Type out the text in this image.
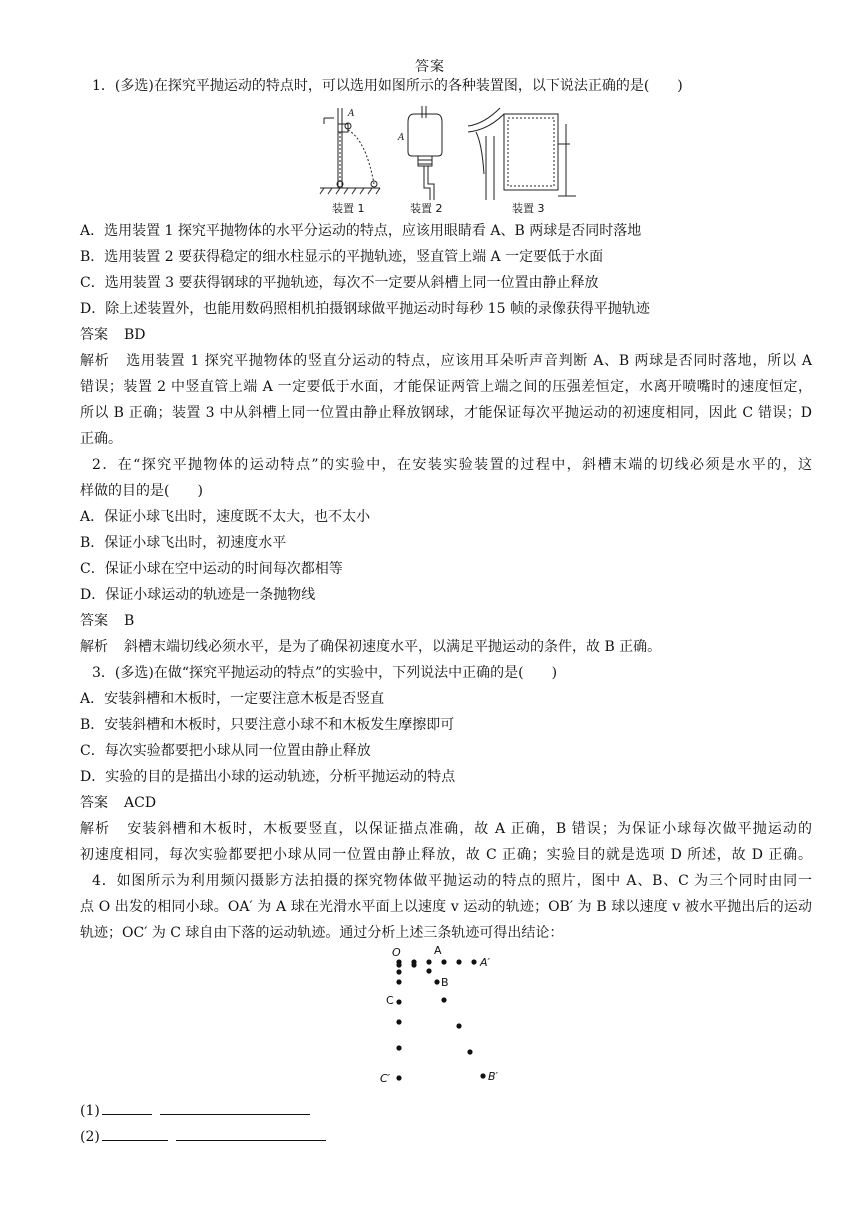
答案
1．(多选)在探究平抛运动的特点时，可以选用如图所示的各种装置图，以下说法正确的是(　　)
A
A
装置 1	装置 2	装置 3
A．选用装置 1 探究平抛物体的水平分运动的特点，应该用眼睛看 A、B 两球是否同时落地
B．选用装置 2 要获得稳定的细水柱显示的平抛轨迹，竖直管上端 A 一定要低于水面
C．选用装置 3 要获得钢球的平抛轨迹，每次不一定要从斜槽上同一位置由静止释放
D．除上述装置外，也能用数码照相机拍摄钢球做平抛运动时每秒 15 帧的录像获得平抛轨迹
答案 BD
解析 选用装置 1 探究平抛物体的竖直分运动的特点，应该用耳朵听声音判断 A、B 两球是否同时落地，所以 A
错误；装置 2 中竖直管上端 A 一定要低于水面，才能保证两管上端之间的压强差恒定，水离开喷嘴时的速度恒定，
所以 B 正确；装置 3 中从斜槽上同一位置由静止释放钢球，才能保证每次平抛运动的初速度相同，因此 C 错误；D
正确。
2．在“探究平抛物体的运动特点”的实验中，在安装实验装置的过程中，斜槽末端的切线必须是水平的，这
样做的目的是(　　)
A．保证小球飞出时，速度既不太大，也不太小
B．保证小球飞出时，初速度水平
C．保证小球在空中运动的时间每次都相等
D．保证小球运动的轨迹是一条抛物线
答案 B
解析 斜槽末端切线必须水平，是为了确保初速度水平，以满足平抛运动的条件，故 B 正确。
3．(多选)在做“探究平抛运动的特点”的实验中，下列说法中正确的是(　　)
A．安装斜槽和木板时，一定要注意木板是否竖直
B．安装斜槽和木板时，只要注意小球不和木板发生摩擦即可
C．每次实验都要把小球从同一位置由静止释放
D．实验的目的是描出小球的运动轨迹，分析平抛运动的特点
答案 ACD
解析 安装斜槽和木板时，木板要竖直，以保证描点准确，故 A 正确，B 错误；为保证小球每次做平抛运动的
初速度相同，每次实验都要把小球从同一位置由静止释放，故 C 正确；实验目的就是选项 D 所述，故 D 正确。
4．如图所示为利用频闪摄影方法拍摄的探究物体做平抛运动的特点的照片，图中 A、B、C 为三个同时由同一
点 O 出发的相同小球。OA′ 为 A 球在光滑水平面上以速度 v 运动的轨迹；OB′ 为 B 球以速度 v 被水平抛出后的运动
轨迹；OC′ 为 C 球自由下落的运动轨迹。通过分析上述三条轨迹可得出结论：
O	A
A′
B
C
C′	B′
(1)
(2)
